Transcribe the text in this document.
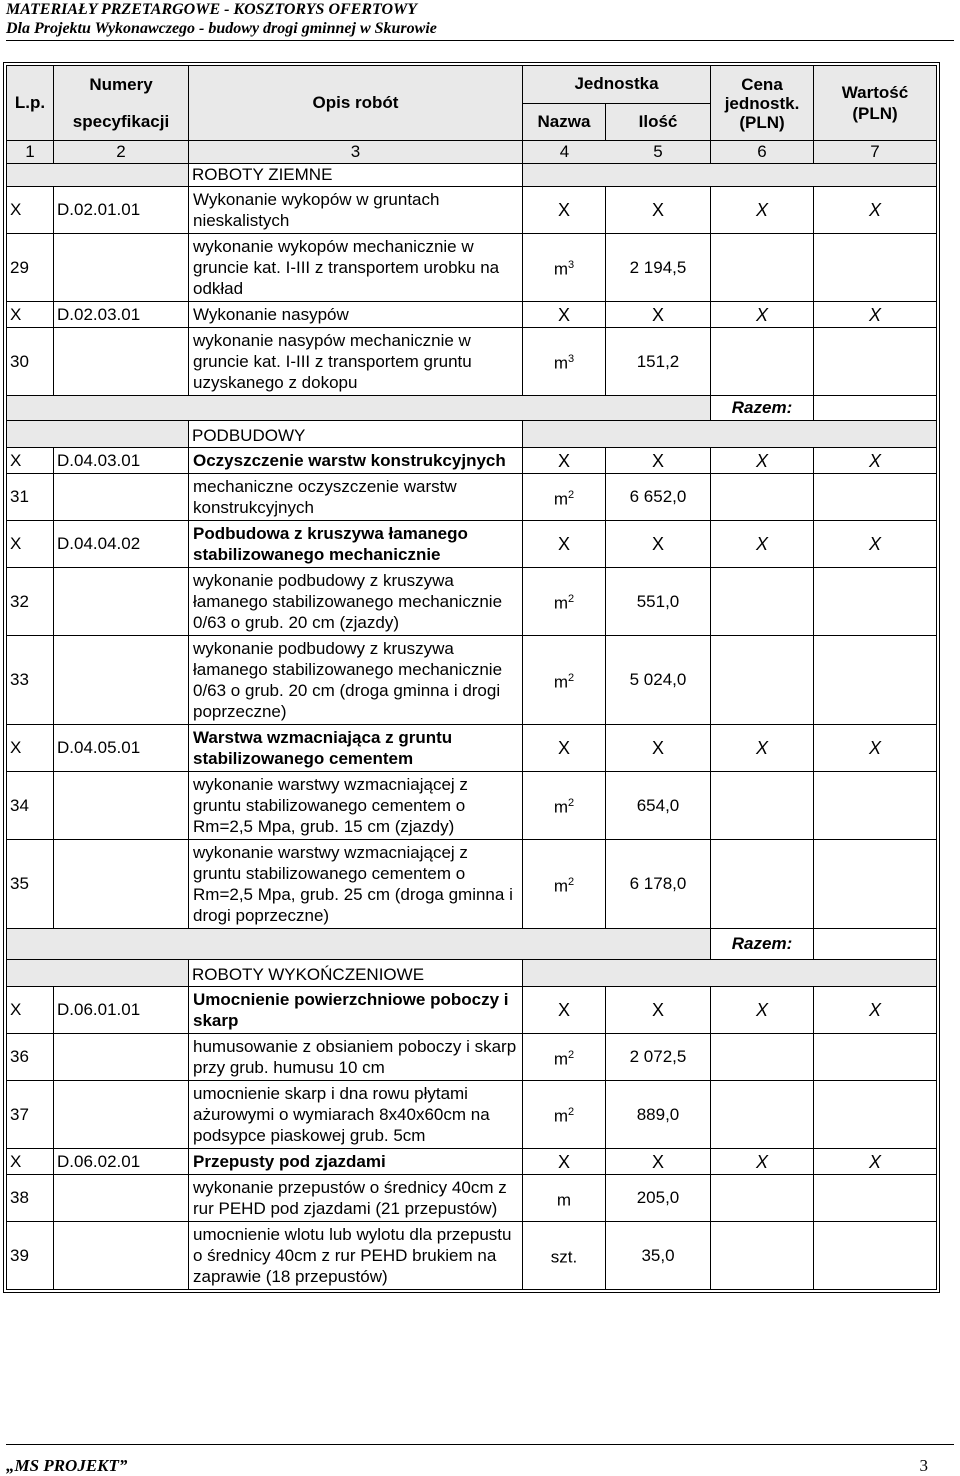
MATERIAŁY PRZETARGOWE - KOSZTORYS OFERTOWY
Dla Projektu Wykonawczego - budowy drogi gminnej w Skurowie
L.p.	Numery	Opis robót	Jednostka		Cena jednostk. (PLN)	Wartość (PLN)
	specyfikacji		Nazwa	Ilość		
1	2	3	4 5		6	7
		ROBOTY ZIEMNE				
X	D.02.01.01	Wykonanie wykopów w gruntach nieskalistych	X	X	X	X
29		wykonanie wykopów mechanicznie w gruncie kat. I-III z transportem urobku na odkład	$m^3$	2 194,5		
X	D.02.03.01	Wykonanie nasypów	X	X	X	X
30		wykonanie nasypów mechanicznie w gruncie kat. I-III z transportem gruntu uzyskanego z dokopu	$m^3$	151,2		
					Razem:	
		PODBUDOWY				
X	D.04.03.01	Oczyszczenie warstw konstrukcyjnych	X	X	X	X
31		mechaniczne oczyszczenie warstw konstrukcyjnych	$m^2$	6 652,0		
X	D.04.04.02	Podbudowa z kruszywa łamanego stabilizowanego mechanicznie	X	X	X	X
32		wykonanie podbudowy z kruszywa łamanego stabilizowanego mechanicznie 0/63 o grub. 20 cm (zjazdy)	$m^2$	551,0		
33		wykonanie podbudowy z kruszywa łamanego stabilizowanego mechanicznie 0/63 o grub. 20 cm (droga gminna i drogi poprzeczne)	$m^2$	5 024,0		
X	D.04.05.01	Warstwa wzmacniająca z gruntu stabilizowanego cementem	X	X	X	X
34		wykonanie warstwy wzmacniającej z gruntu stabilizowanego cementem o Rm=2,5 Mpa, grub. 15 cm (zjazdy)	$m^2$	654,0		
35		wykonanie warstwy wzmacniającej z gruntu stabilizowanego cementem o Rm=2,5 Mpa, grub. 25 cm (droga gminna i drogi poprzeczne)	$m^2$	6 178,0		
					Razem:	
		ROBOTY WYKOŃCZENIOWE				
X	D.06.01.01	Umocnienie powierzchniowe poboczy i skarp	X	X	X	X
36		humusowanie z obsianiem poboczy i skarp przy grub. humusu 10 cm	$m^2$	2 072,5		
37		umocnienie skarp i dna rowu płytami ażurowymi o wymiarach 8x40x60cm na podsypce piaskowej grub. 5cm	$m^2$	889,0		
X	D.06.02.01	Przepusty pod zjazdami	X	X	X	X
38		wykonanie przepustów o średnicy 40cm z rur PEHD pod zjazdami (21 przepustów)	m	205,0		
39		umocnienie wlotu lub wylotu dla przepustu o średnicy 40cm z rur PEHD brukiem na zaprawie (18 przepustów)	szt.	35,0		
„MS PROJEKT”	3
